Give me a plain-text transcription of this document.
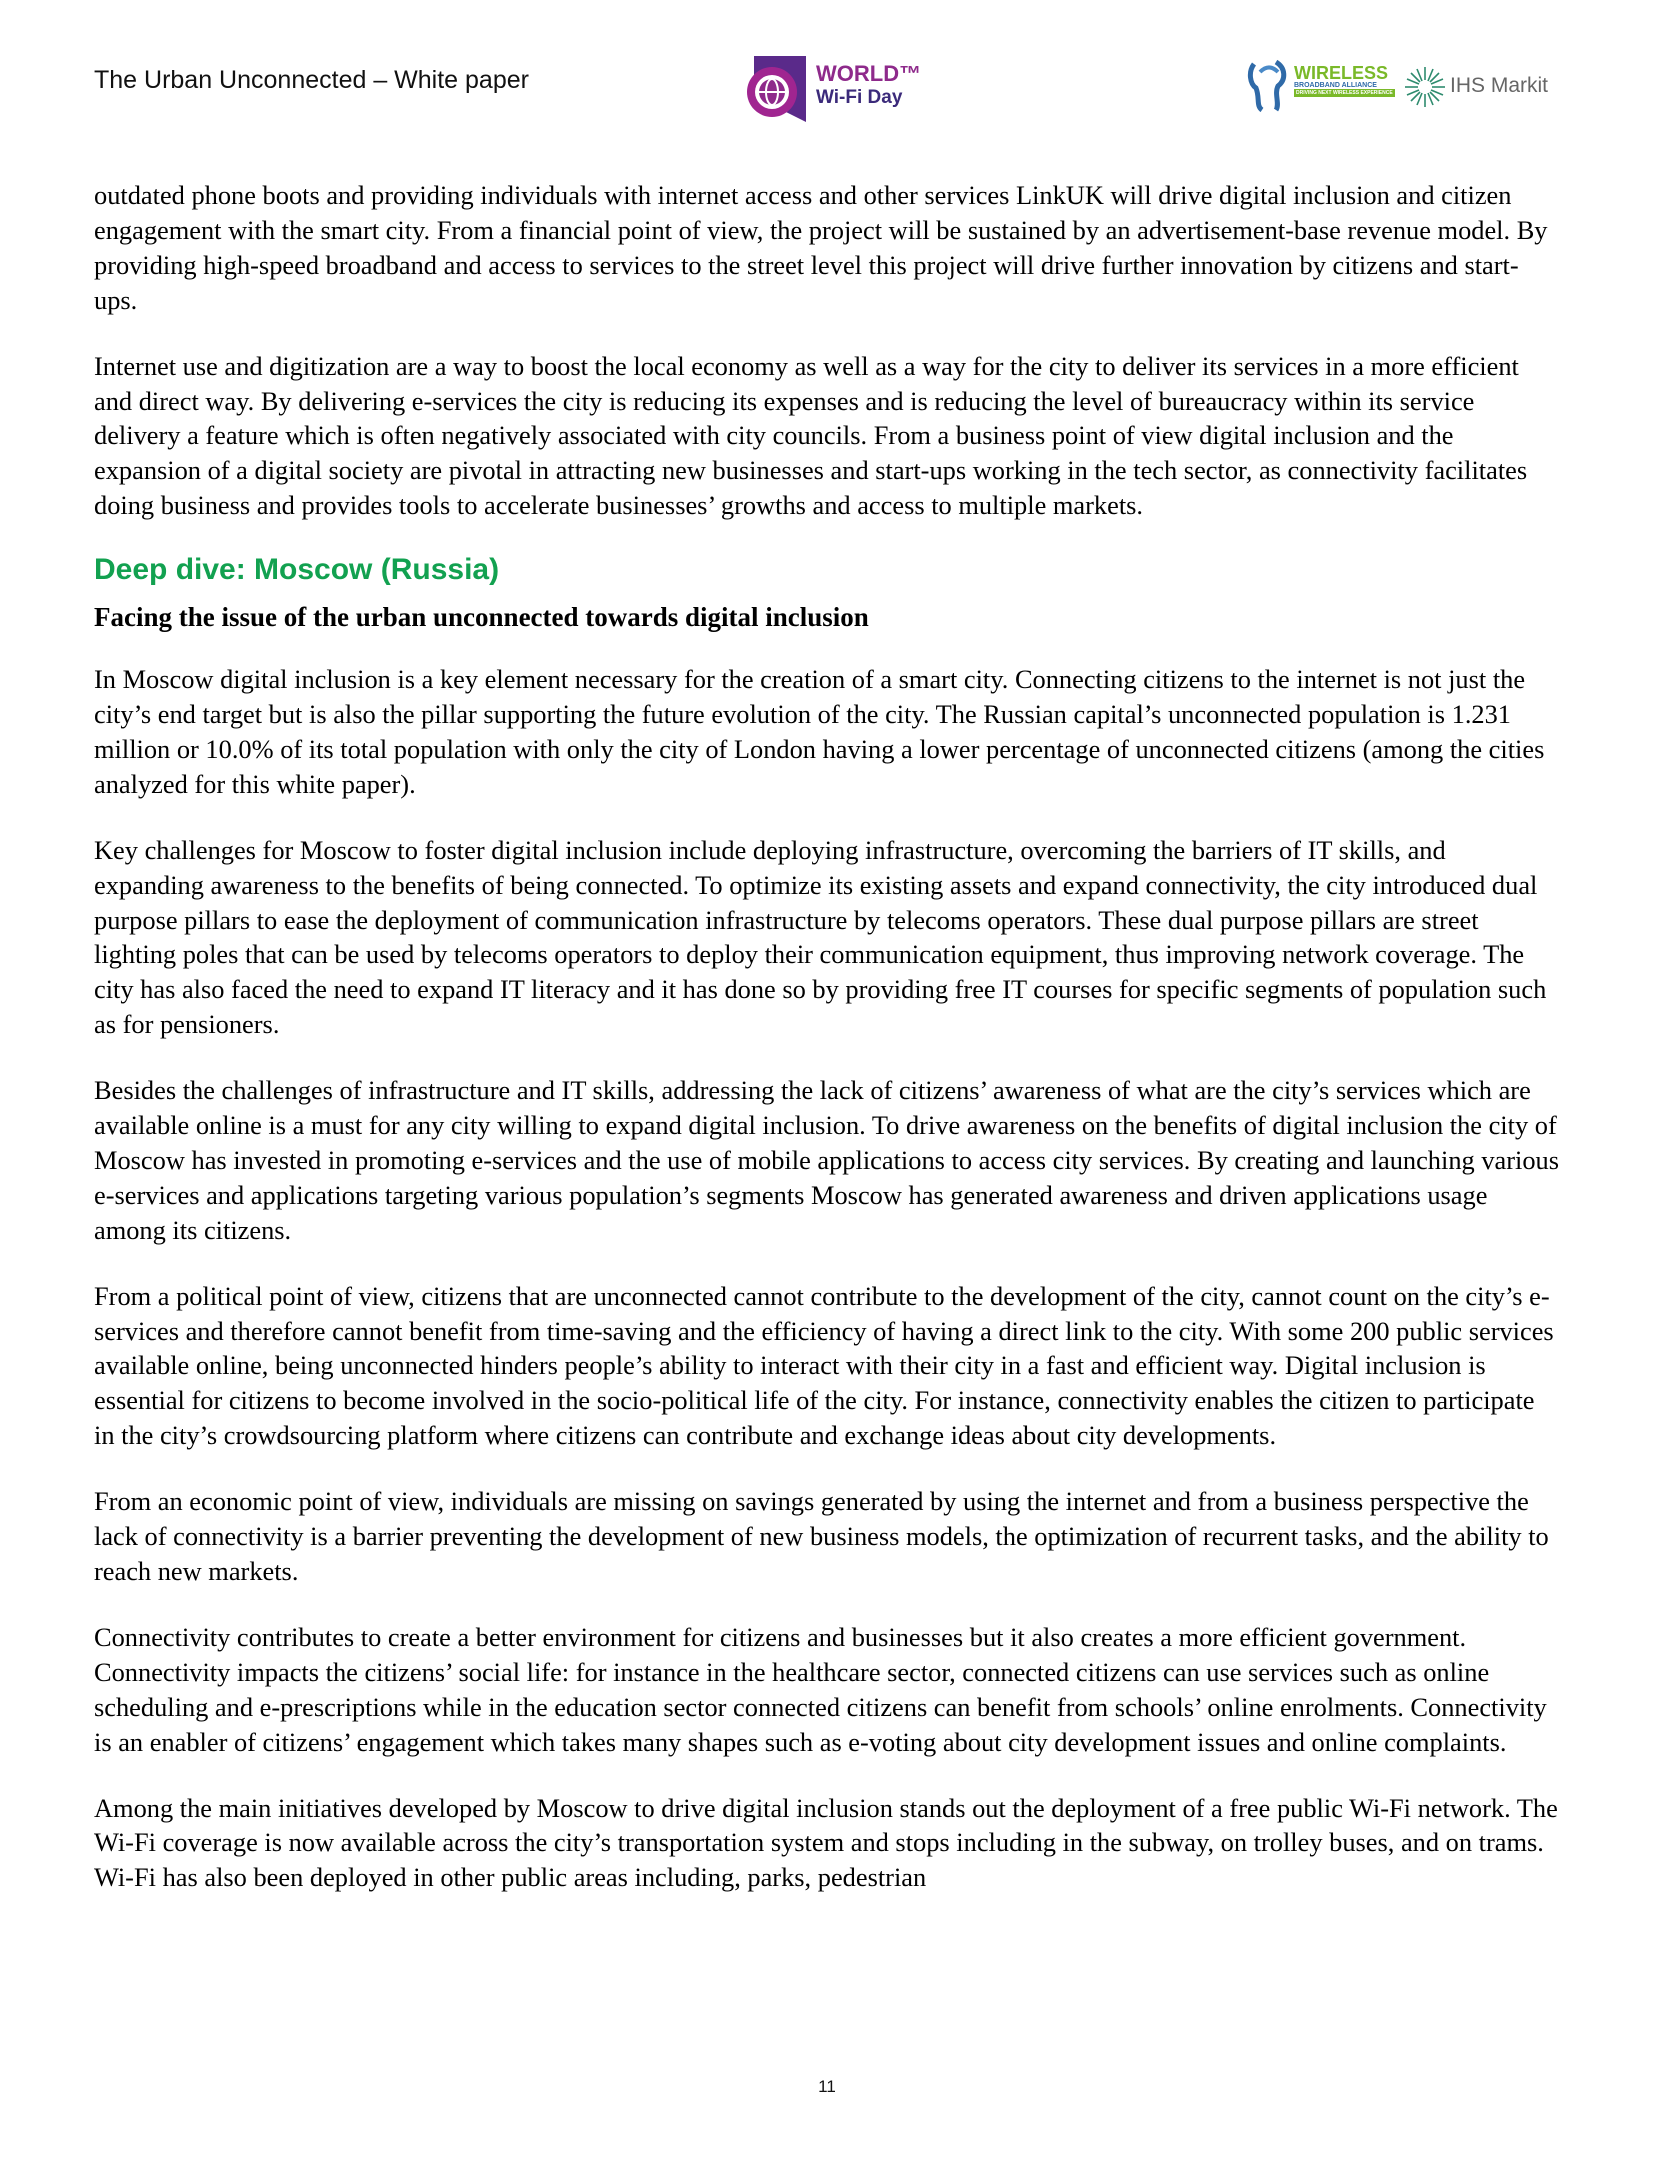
The Urban Unconnected – White paper	WORLD™
Wi-Fi Day
WIRELESS
BROADBAND ALLIANCE
DRIVING NEXT WIRELESS EXPERIENCE	IHS Markit

outdated phone boots and providing individuals with internet access and other services LinkUK will drive digital inclusion and citizen engagement with the smart city. From a financial point of view, the project will be sustained by an advertisement-base revenue model. By providing high-speed broadband and access to services to the street level this project will drive further innovation by citizens and start-ups.

Internet use and digitization are a way to boost the local economy as well as a way for the city to deliver its services in a more efficient and direct way. By delivering e-services the city is reducing its expenses and is reducing the level of bureaucracy within its service delivery a feature which is often negatively associated with city councils. From a business point of view digital inclusion and the expansion of a digital society are pivotal in attracting new businesses and start-ups working in the tech sector, as connectivity facilitates doing business and provides tools to accelerate businesses’ growths and access to multiple markets.

Deep dive: Moscow (Russia)

Facing the issue of the urban unconnected towards digital inclusion

In Moscow digital inclusion is a key element necessary for the creation of a smart city. Connecting citizens to the internet is not just the city’s end target but is also the pillar supporting the future evolution of the city. The Russian capital’s unconnected population is 1.231 million or 10.0% of its total population with only the city of London having a lower percentage of unconnected citizens (among the cities analyzed for this white paper).

Key challenges for Moscow to foster digital inclusion include deploying infrastructure, overcoming the barriers of IT skills, and expanding awareness to the benefits of being connected. To optimize its existing assets and expand connectivity, the city introduced dual purpose pillars to ease the deployment of communication infrastructure by telecoms operators. These dual purpose pillars are street lighting poles that can be used by telecoms operators to deploy their communication equipment, thus improving network coverage. The city has also faced the need to expand IT literacy and it has done so by providing free IT courses for specific segments of population such as for pensioners.

Besides the challenges of infrastructure and IT skills, addressing the lack of citizens’ awareness of what are the city’s services which are available online is a must for any city willing to expand digital inclusion. To drive awareness on the benefits of digital inclusion the city of Moscow has invested in promoting e-services and the use of mobile applications to access city services. By creating and launching various e-services and applications targeting various population’s segments Moscow has generated awareness and driven applications usage among its citizens.

From a political point of view, citizens that are unconnected cannot contribute to the development of the city, cannot count on the city’s e-services and therefore cannot benefit from time-saving and the efficiency of having a direct link to the city. With some 200 public services available online, being unconnected hinders people’s ability to interact with their city in a fast and efficient way. Digital inclusion is essential for citizens to become involved in the socio-political life of the city. For instance, connectivity enables the citizen to participate in the city’s crowdsourcing platform where citizens can contribute and exchange ideas about city developments.

From an economic point of view, individuals are missing on savings generated by using the internet and from a business perspective the lack of connectivity is a barrier preventing the development of new business models, the optimization of recurrent tasks, and the ability to reach new markets.

Connectivity contributes to create a better environment for citizens and businesses but it also creates a more efficient government. Connectivity impacts the citizens’ social life: for instance in the healthcare sector, connected citizens can use services such as online scheduling and e-prescriptions while in the education sector connected citizens can benefit from schools’ online enrolments. Connectivity is an enabler of citizens’ engagement which takes many shapes such as e-voting about city development issues and online complaints.

Among the main initiatives developed by Moscow to drive digital inclusion stands out the deployment of a free public Wi-Fi network. The Wi-Fi coverage is now available across the city’s transportation system and stops including in the subway, on trolley buses, and on trams. Wi-Fi has also been deployed in other public areas including, parks, pedestrian

11
